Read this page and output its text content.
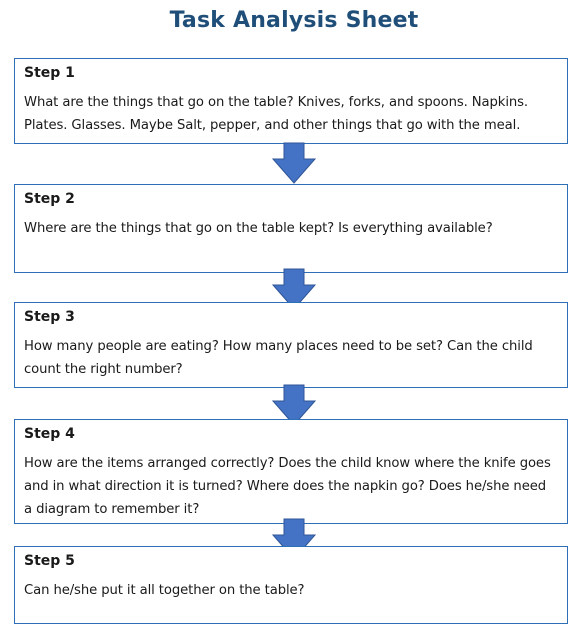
Task Analysis Sheet
Step 1
What are the things that go on the table? Knives, forks, and spoons. Napkins. Plates. Glasses. Maybe Salt, pepper, and other things that go with the meal.
Step 2
Where are the things that go on the table kept? Is everything available?
Step 3
How many people are eating? How many places need to be set? Can the child count the right number?
Step 4
How are the items arranged correctly? Does the child know where the knife goes and in what direction it is turned? Where does the napkin go? Does he/she need a diagram to remember it?
Step 5
Can he/she put it all together on the table?
